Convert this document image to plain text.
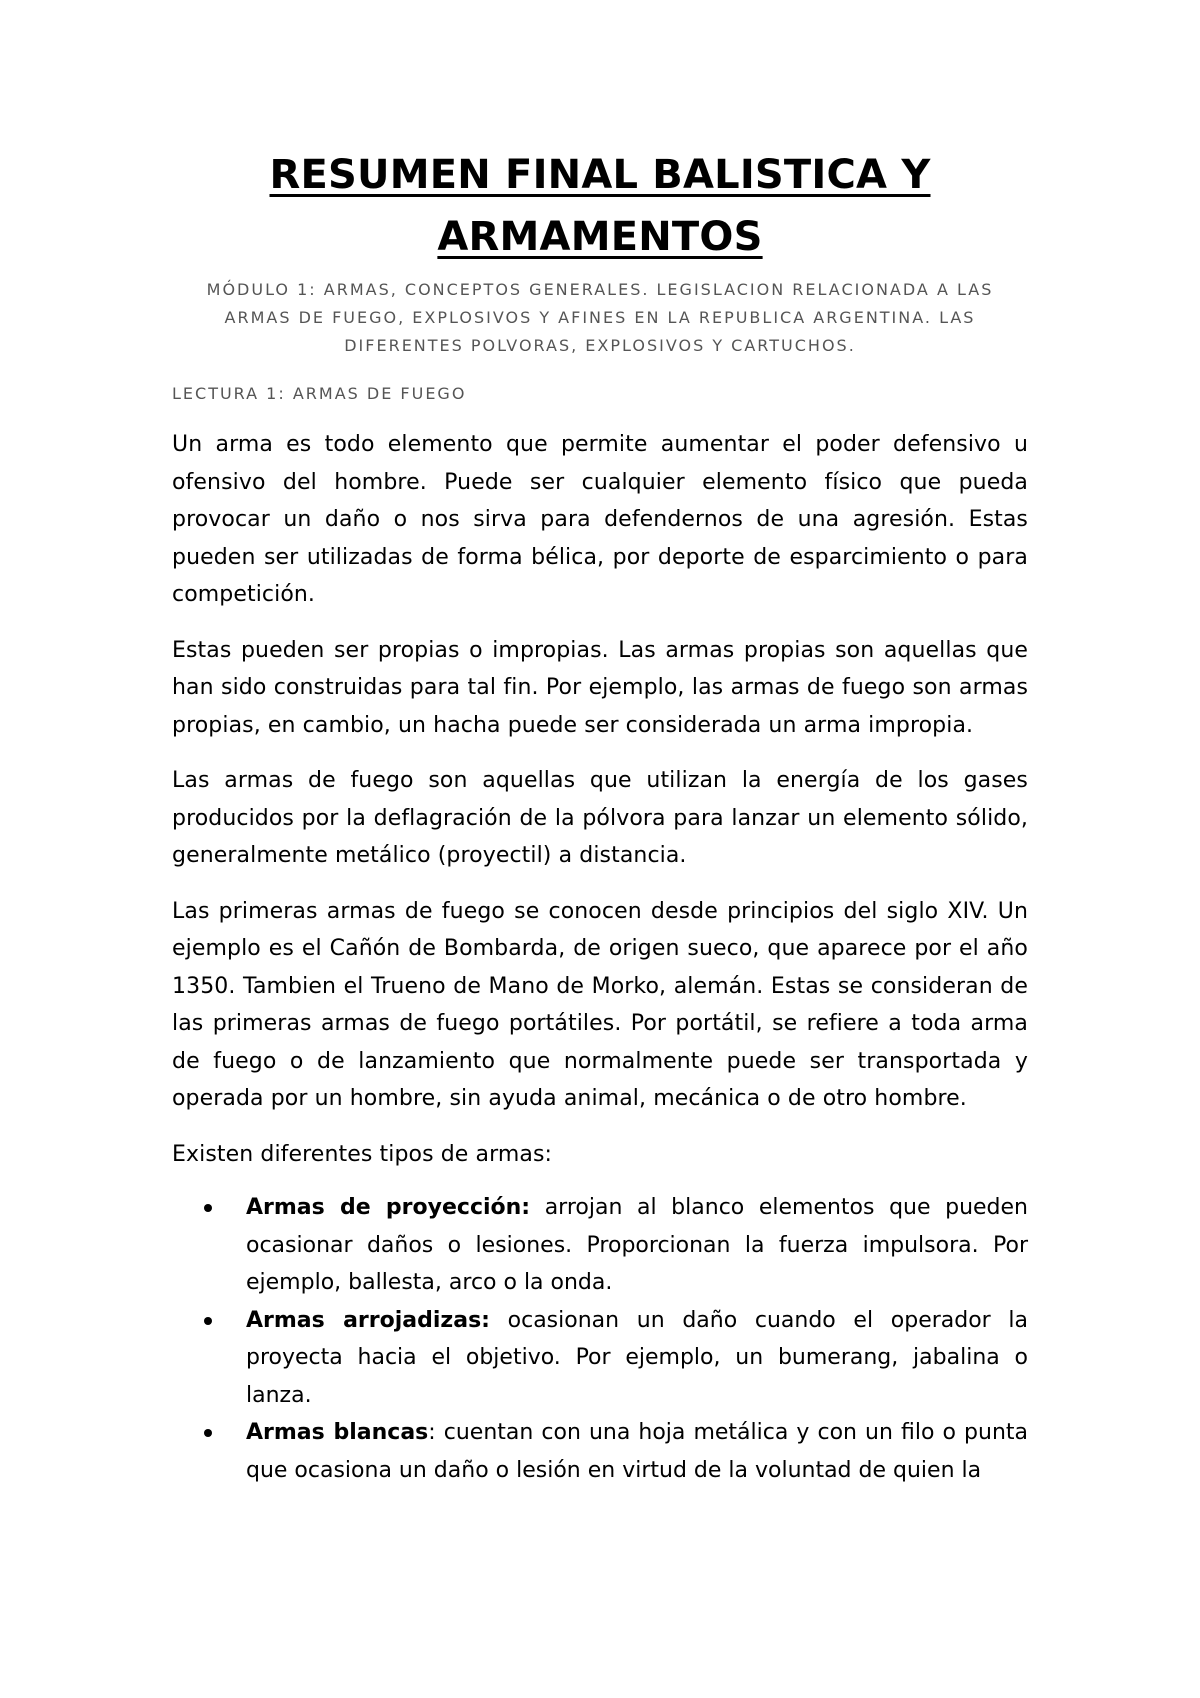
RESUMEN FINAL BALISTICA Y ARMAMENTOS

MÓDULO 1: ARMAS, CONCEPTOS GENERALES. LEGISLACION RELACIONADA A LAS ARMAS DE FUEGO, EXPLOSIVOS Y AFINES EN LA REPUBLICA ARGENTINA. LAS DIFERENTES POLVORAS, EXPLOSIVOS Y CARTUCHOS.

LECTURA 1: ARMAS DE FUEGO

Un arma es todo elemento que permite aumentar el poder defensivo u ofensivo del hombre. Puede ser cualquier elemento físico que pueda provocar un daño o nos sirva para defendernos de una agresión. Estas pueden ser utilizadas de forma bélica, por deporte de esparcimiento o para competición.

Estas pueden ser propias o impropias. Las armas propias son aquellas que han sido construidas para tal fin. Por ejemplo, las armas de fuego son armas propias, en cambio, un hacha puede ser considerada un arma impropia.

Las armas de fuego son aquellas que utilizan la energía de los gases producidos por la deflagración de la pólvora para lanzar un elemento sólido, generalmente metálico (proyectil) a distancia.

Las primeras armas de fuego se conocen desde principios del siglo XIV. Un ejemplo es el Cañón de Bombarda, de origen sueco, que aparece por el año 1350. Tambien el Trueno de Mano de Morko, alemán. Estas se consideran de las primeras armas de fuego portátiles. Por portátil, se refiere a toda arma de fuego o de lanzamiento que normalmente puede ser transportada y operada por un hombre, sin ayuda animal, mecánica o de otro hombre.

Existen diferentes tipos de armas:

Armas de proyección: arrojan al blanco elementos que pueden ocasionar daños o lesiones. Proporcionan la fuerza impulsora. Por ejemplo, ballesta, arco o la onda.
Armas arrojadizas: ocasionan un daño cuando el operador la proyecta hacia el objetivo. Por ejemplo, un bumerang, jabalina o lanza.
Armas blancas: cuentan con una hoja metálica y con un filo o punta que ocasiona un daño o lesión en virtud de la voluntad de quien la
